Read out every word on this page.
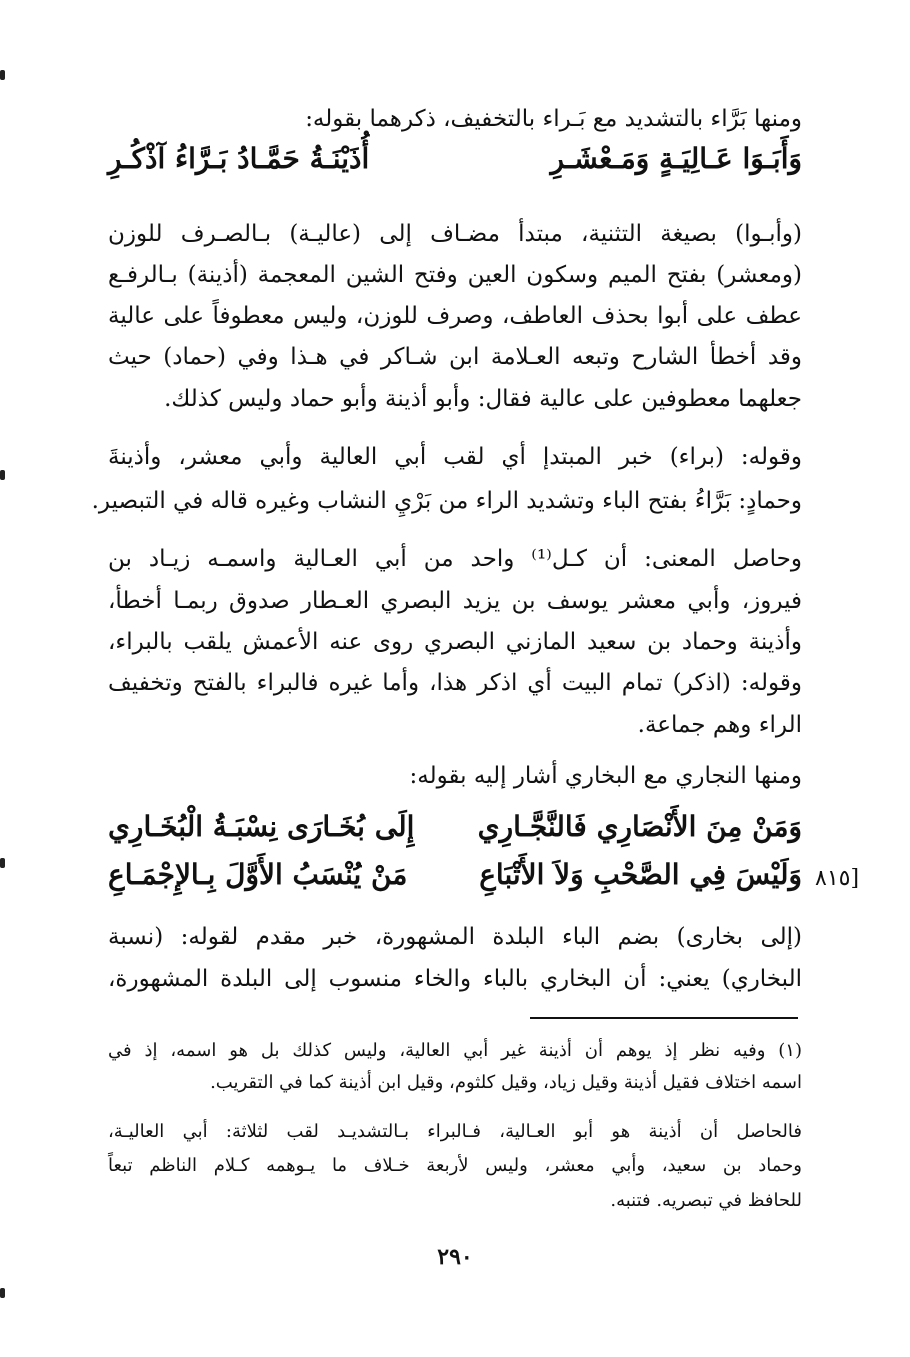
ومنها بَرَّاء بالتشديد مع بَـراء بالتخفيف، ذكرهما بقوله:
وَأَبَـوَا عَـالِيَـةٍ وَمَـعْشَـرِ
أُذَيْنَـةُ حَمَّـادُ بَـرَّاءُ آذْكُـرِ
(وأبـوا) بصيغة التثنية، مبتدأ مضـاف إلى (عاليـة) بـالصـرف للوزن
(ومعشر) بفتح الميم وسكون العين وفتح الشين المعجمة (أذينة) بـالرفـع
عطف على أبوا بحذف العاطف، وصرف للوزن، وليس معطوفاً على عالية
وقد أخطأ الشارح وتبعه العـلامة ابن شـاكر في هـذا وفي (حماد) حيث
جعلهما معطوفين على عالية فقال: وأبو أذينة وأبو حماد وليس كذلك.
وقوله: (براء) خبر المبتدإ أي لقب أبي العالية وأبي معشر، وأذينةَ
وحمادٍ: بَرَّاءُ بفتح الباء وتشديد الراء من بَرْيِ النشاب وغيره قاله في التبصير.
وحاصل المعنى: أن كـل⁽¹⁾ واحد من أبي العـالية واسمـه زيـاد بن
فيروز، وأبي معشر يوسف بن يزيد البصري العـطار صدوق ربمـا أخطأ،
وأذينة وحماد بن سعيد المازني البصري روى عنه الأعمش يلقب بالبراء،
وقوله: (اذكر) تمام البيت أي اذكر هذا، وأما غيره فالبراء بالفتح وتخفيف
الراء وهم جماعة.
ومنها النجاري مع البخاري أشار إليه بقوله:
وَمَنْ مِنَ الأَنْصَارِي فَالنَّجَّـارِي
إِلَى بُخَـارَى نِسْبَـةُ الْبُخَـارِي
[٨١٥
وَلَيْسَ فِي الصَّحْبِ وَلاَ الأَتْبَاعِ
مَنْ يُنْسَبُ الأَوَّلَ بِـالإِجْمَـاعِ
(إلى بخارى) بضم الباء البلدة المشهورة، خبر مقدم لقوله: (نسبة
البخاري) يعني: أن البخاري بالباء والخاء منسوب إلى البلدة المشهورة،
(١) وفيه نظر إذ يوهم أن أذينة غير أبي العالية، وليس كذلك بل هو اسمه، إذ في
اسمه اختلاف فقيل أذينة وقيل زياد، وقيل كلثوم، وقيل ابن أذينة كما في التقريب.
فالحاصل أن أذينة هو أبو العـالية، فـالبراء بـالتشديـد لقب لثلاثة: أبي العاليـة،
وحماد بن سعيد، وأبي معشر، وليس لأربعة خـلاف ما يـوهمه كـلام الناظم تبعاً
للحافظ في تبصريه. فتنبه.
٢٩٠
